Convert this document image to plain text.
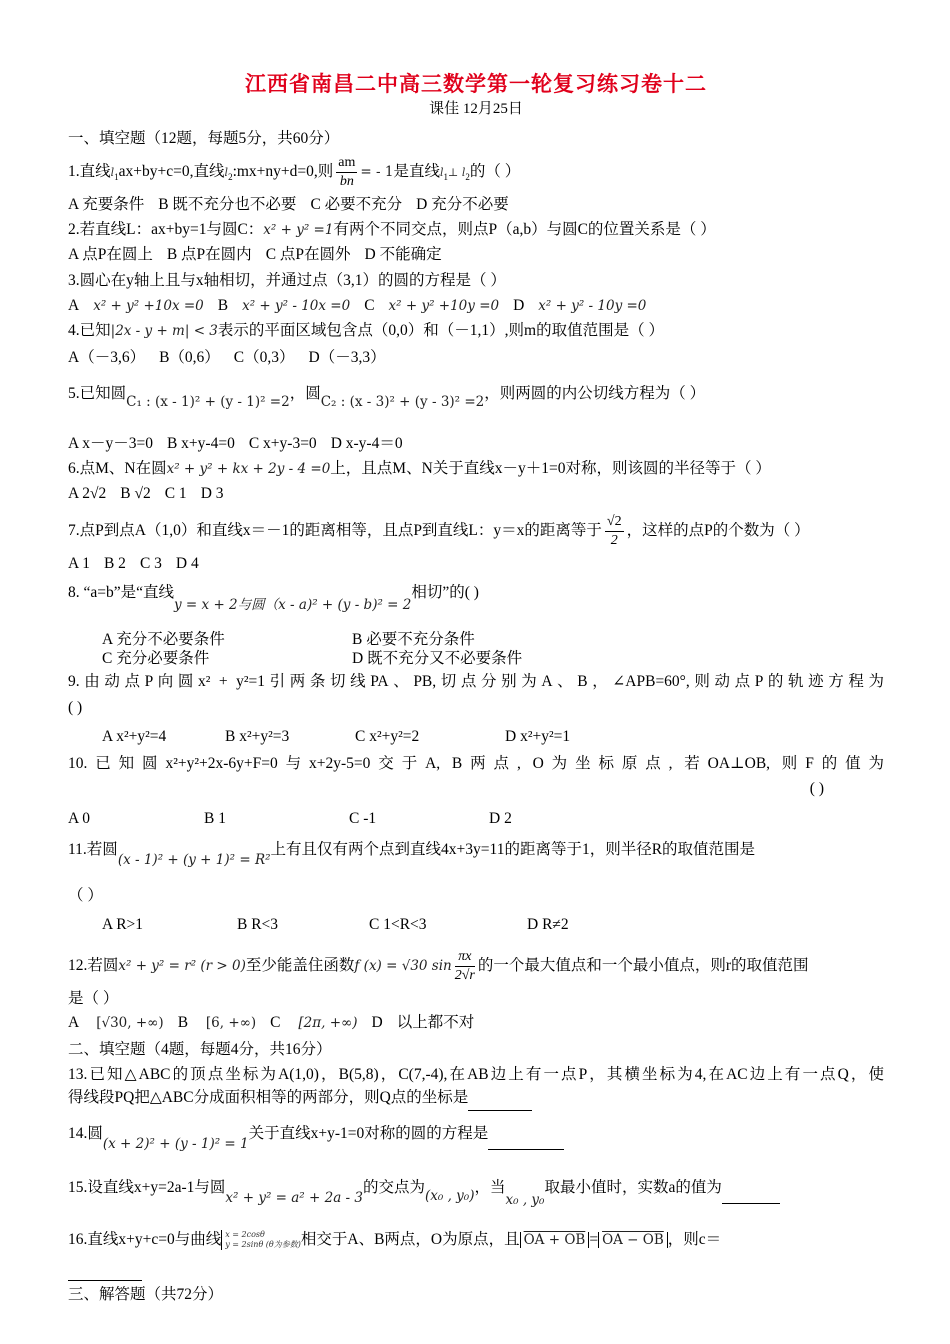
江西省南昌二中高三数学第一轮复习练习卷十二

课佳 12月25日

一、填空题（12题，每题5分，共60分）

1.直线$l_1ax+by+c=0$,直线$l_2:mx+ny+d=0$,则 $\frac{am}{bn}$ = - 1是直线$l_1\perp$ $l_2$的（ ）

A 充要条件 B 既不充分也不必要 C 必要不充分 D 充分不必要

2.若直线L：ax+by=1与圆C：x² + y² =1有两个不同交点，则点P（a,b）与圆C的位置关系是（ ）

A 点P在圆上 B 点P在圆内 C 点P在圆外 D 不能确定

3.圆心在y轴上且与x轴相切，并通过点（3,1）的圆的方程是（ ）

A x² + y² +10x =0 B x² + y² - 10x =0 C x² + y² +10y =0 D x² + y² - 10y =0

4.已知|2x - y + m| < 3表示的平面区域包含点（0,0）和（－1,1）,则m的取值范围是（ ）

A（－3,6） B（0,6） C（0,3） D（－3,3）

5.已知圆C₁ : (x - 1)² + (y - 1)² =2，圆C₂ : (x - 3)² + (y - 3)² =2，则两圆的内公切线方程为（ ）

A x－y－3=0 B x+y-4=0 C x+y-3=0 D x-y-4＝0

6.点M、N在圆x² + y² + kx + 2y - 4 =0上，且点M、N关于直线x－y＋1=0对称，则该圆的半径等于（ ）

A 2√2 B √2 C 1 D 3

7.点P到点A（1,0）和直线x＝－1的距离相等，且点P到直线L：y＝x的距离等于 $\frac{√2}{2}$ ，这样的点P的个数为（ ）

A 1 B 2 C 3 D 4

8. “a=b”是“直线y = x + 2与圆（x - a)² + (y - b)² = 2相切”的( )

A 充分不必要条件	B 必要不充分条件
C 充分必要条件	D 既不充分又不必要条件

9.由动点P向圆x² + y²=1引两条切线PA、PB,切点分别为A、B，∠APB=60°,则动点P的轨迹方程为

( )

A x²+y²=4	B x²+y²=3	C x²+y²=2	D x²+y²=1

10.已知圆x²+y²+2x-6y+F=0与x+2y-5=0交于A, B两点, O为坐标原点, 若OA⊥OB, 则F的值为

( )

A 0	B 1	C -1	D 2

11.若圆(x - 1)² + (y + 1)² = R²上有且仅有两个点到直线4x+3y=11的距离等于1，则半径R的取值范围是

（ ）

A R>1	B R<3	C 1<R<3	D R≠2

12.若圆x² + y² = r² (r > 0)至少能盖住函数f (x) = √30 $\sin \frac{\pi x}{2√r}$ 的一个最大值点和一个最小值点，则r的取值范围

是（ ）

A [√30, +∞) B [6, +∞) C [2π, +∞) D 以上都不对

二、填空题（4题，每题4分，共16分）

13.已知△ABC的顶点坐标为A(1,0)，B(5,8)，C(7,-4),在AB边上有一点P，其横坐标为4,在AC边上有一点Q，使

得线段PQ把△ABC分成面积相等的两部分，则Q点的坐标是

14.圆(x + 2)² + (y - 1)² = 1关于直线x+y-1=0对称的圆的方程是

15.设直线x+y=2a-1与圆x² + y² = a² + 2a - 3的交点为(x₀ , y₀)，当x₀ , y₀取最小值时，实数a的值为

16.直线x+y+c=0与曲线 x = 2cosθ
y = 2sinθ (θ为参数) 相交于A、B两点，O为原点，且 OA + OB = OA − OB ，则c＝

三、解答题（共72分）
